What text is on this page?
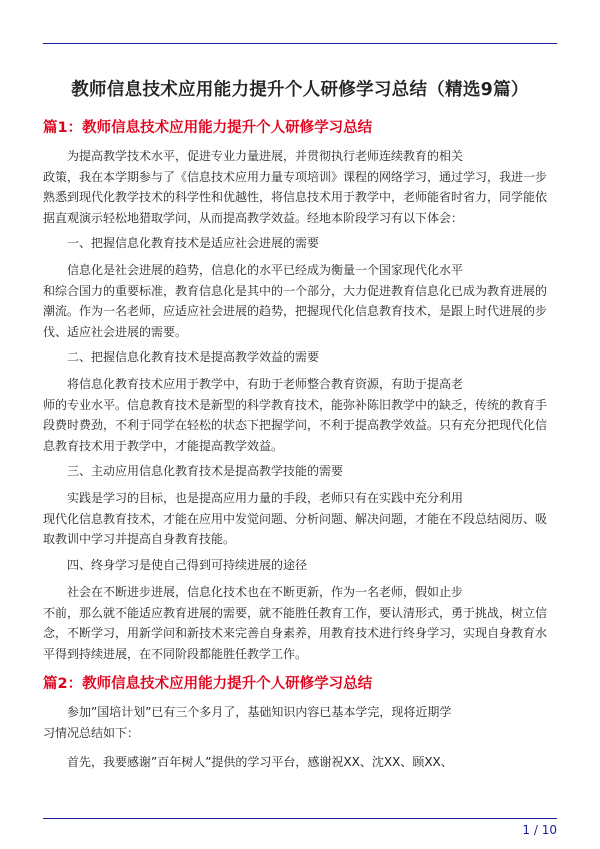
教师信息技术应用能力提升个人研修学习总结（精选9篇）
篇1：教师信息技术应用能力提升个人研修学习总结

为提高教学技术水平，促进专业力量进展，并贯彻执行老师连续教育的相关
政策，我在本学期参与了《信息技术应用力量专项培训》课程的网络学习，通过学习，我进一步
熟悉到现代化教学技术的科学性和优越性，将信息技术用于教学中，老师能省时省力，同学能依
据直观演示轻松地猎取学问，从而提高教学效益。经地本阶段学习有以下体会：

一、把握信息化教育技术是适应社会进展的需要

信息化是社会进展的趋势，信息化的水平已经成为衡量一个国家现代化水平
和综合国力的重要标准，教育信息化是其中的一个部分，大力促进教育信息化已成为教育进展的
潮流。作为一名老师，应适应社会进展的趋势，把握现代化信息教育技术，是跟上时代进展的步
伐、适应社会进展的需要。

二、把握信息化教育技术是提高教学效益的需要

将信息化教育技术应用于教学中，有助于老师整合教育资源，有助于提高老
师的专业水平。信息教育技术是新型的科学教育技术，能弥补陈旧教学中的缺乏，传统的教育手
段费时费劲，不利于同学在轻松的状态下把握学问，不利于提高教学效益。只有充分把现代化信
息教育技术用于教学中，才能提高教学效益。

三、主动应用信息化教育技术是提高教学技能的需要

实践是学习的目标，也是提高应用力量的手段，老师只有在实践中充分利用
现代化信息教育技术，才能在应用中发觉问题、分析问题、解决问题，才能在不段总结阅历、吸
取教训中学习并提高自身教育技能。

四、终身学习是使自己得到可持续进展的途径

社会在不断进步进展，信息化技术也在不断更新，作为一名老师，假如止步
不前，那么就不能适应教育进展的需要，就不能胜任教育工作，要认清形式，勇于挑战，树立信
念，不断学习，用新学问和新技术来完善自身素养，用教育技术进行终身学习，实现自身教育水
平得到持续进展，在不同阶段都能胜任教学工作。

篇2：教师信息技术应用能力提升个人研修学习总结

参加”国培计划”已有三个多月了，基础知识内容已基本学完，现将近期学
习情况总结如下：

首先，我要感谢”百年树人”提供的学习平台，感谢祝XX、沈XX、顾XX、

1 / 10
